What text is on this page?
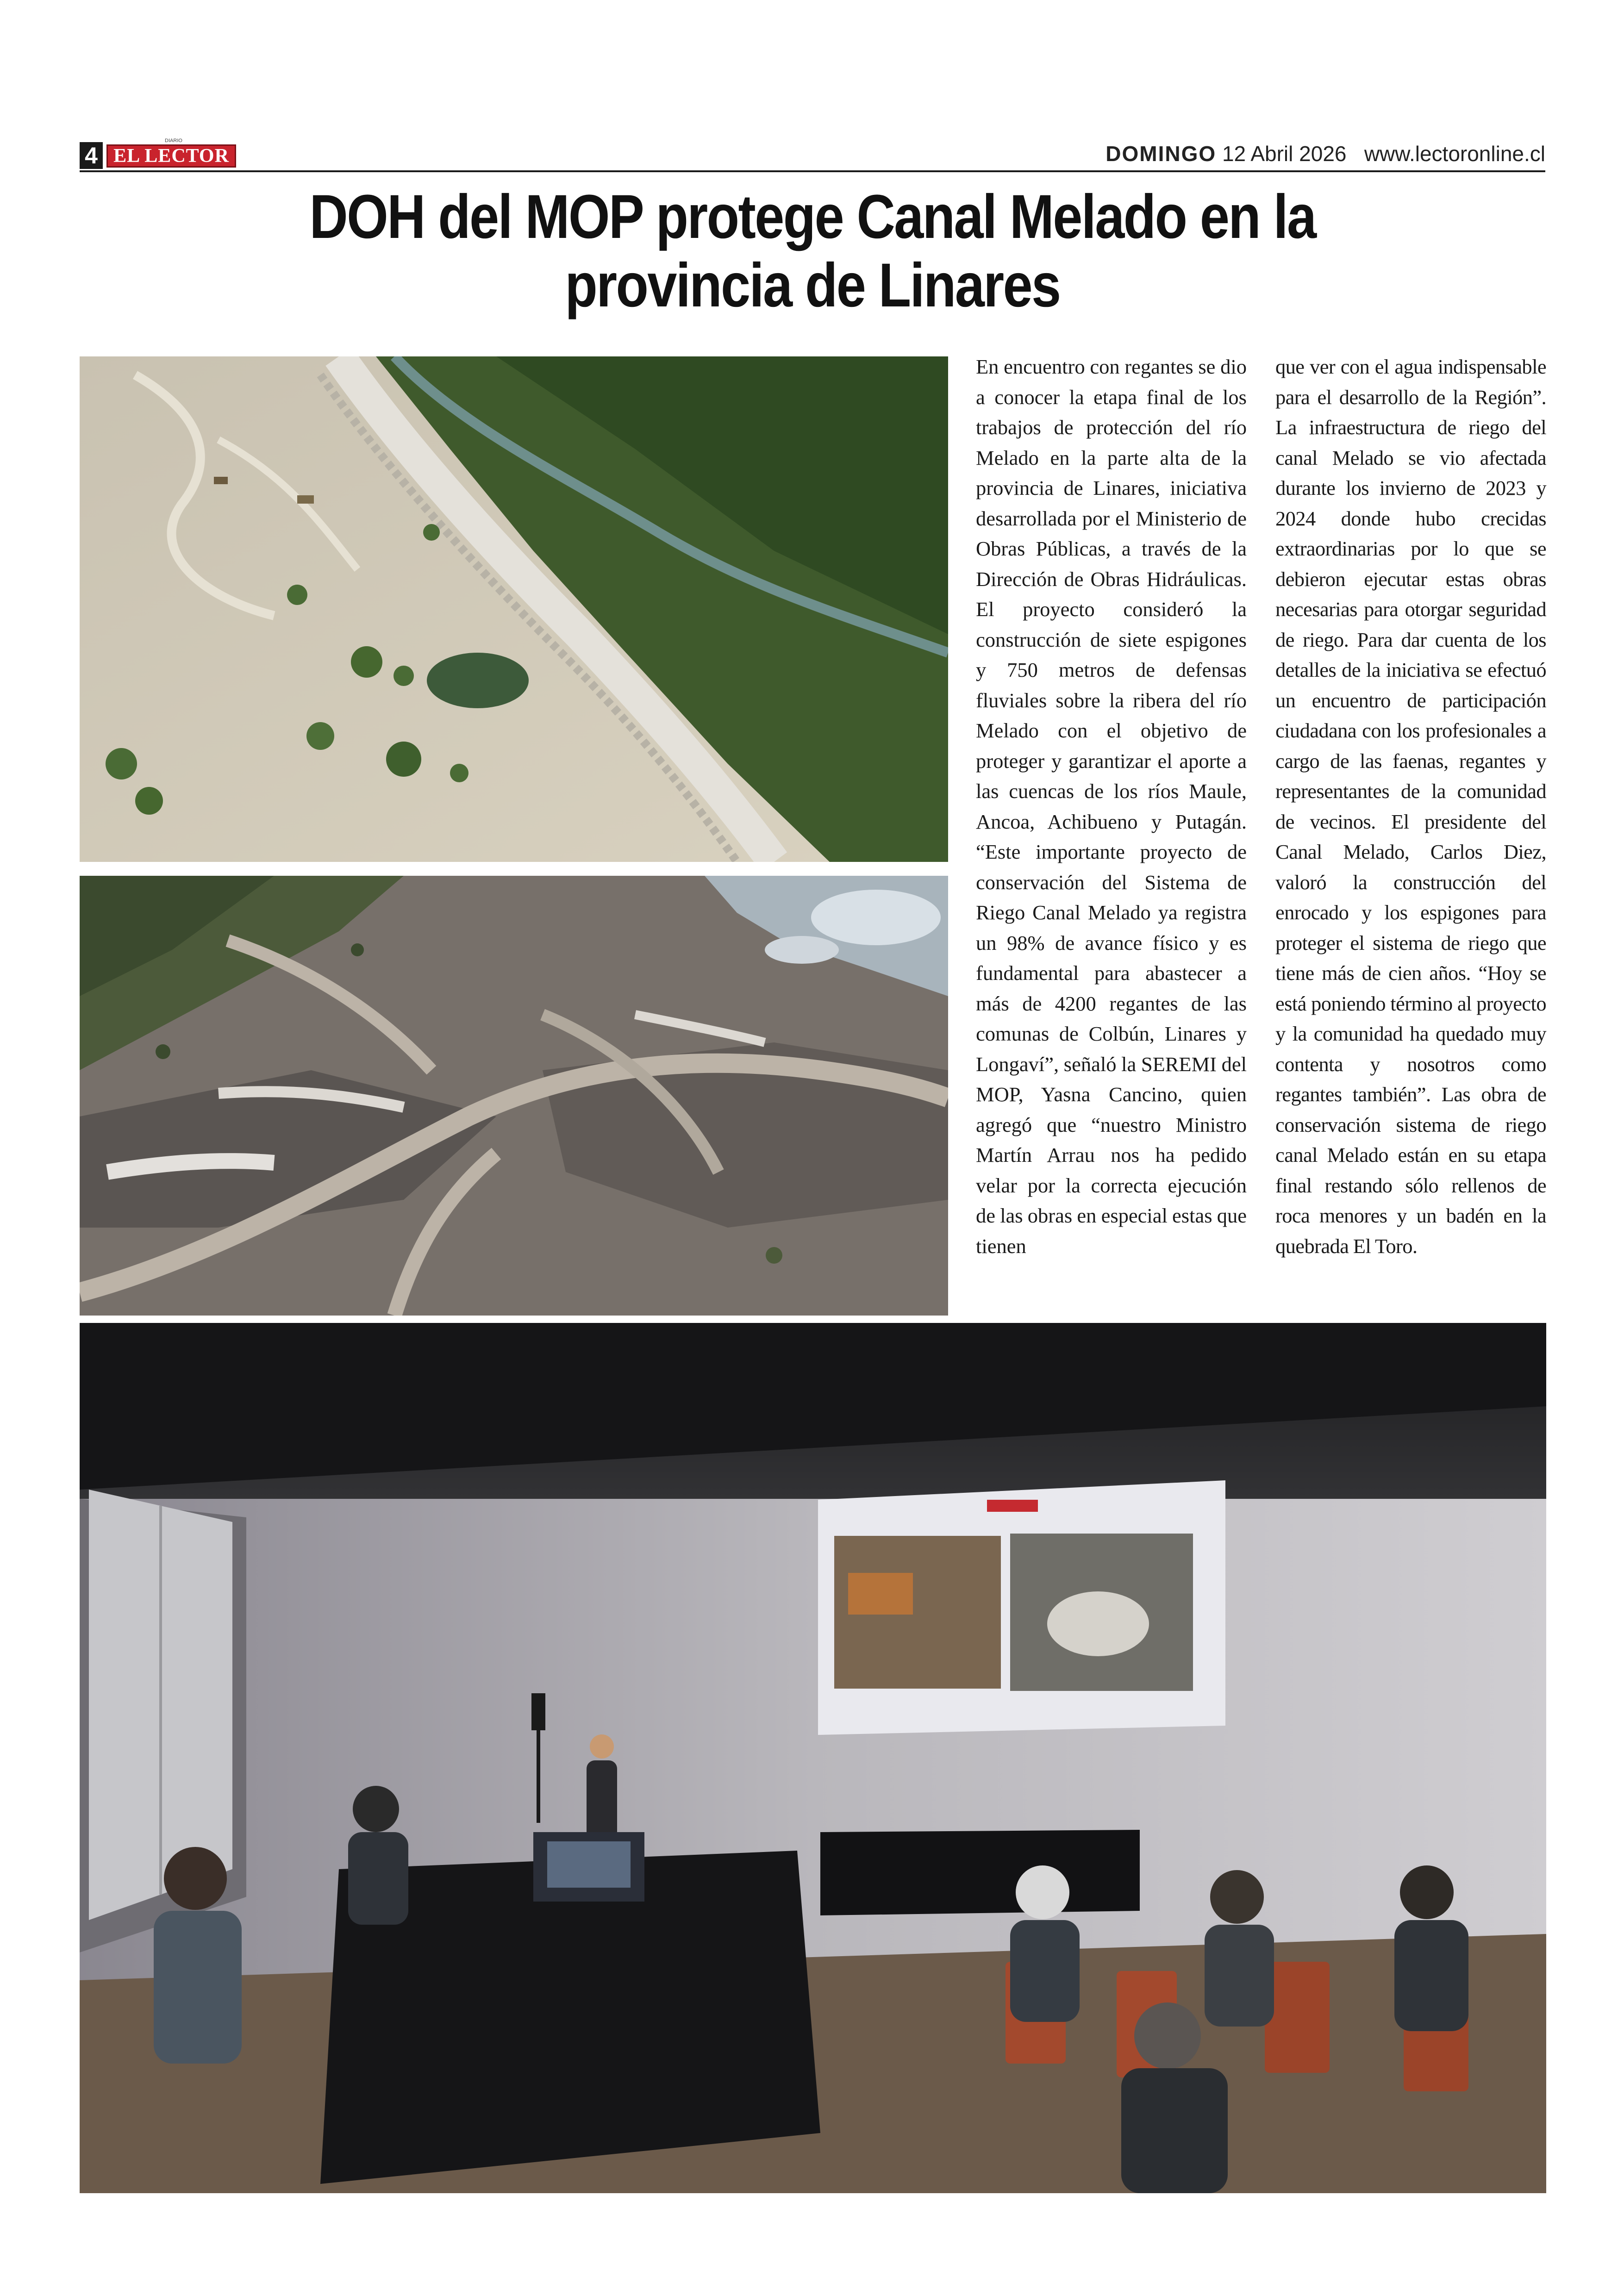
4
DIARIO
EL LECTOR	DOMINGO 12 Abril 2026 www.lectoronline.cl
DOH del MOP protege Canal Melado en la
provincia de Linares

En encuentro con regantes se dio a conocer la etapa final de los trabajos de protección del río Melado en la parte alta de la provincia de Linares, iniciativa desarrollada por el Ministerio de Obras Públicas, a través de la Dirección de Obras Hidráulicas. El proyecto consideró la construcción de siete espigones y 750 metros de defensas fluviales sobre la ribera del río Melado con el objetivo de proteger y garantizar el aporte a las cuencas de los ríos Maule, Ancoa, Achibueno y Putagán. “Este importante proyecto de conservación del Sistema de Riego Canal Melado ya registra un 98% de avance físico y es fundamental para abastecer a más de 4200 regantes de las comunas de Colbún, Linares y Longaví”, señaló la SEREMI del MOP, Yasna Cancino, quien agregó que “nuestro Ministro Martín Arrau nos ha pedido velar por la correcta ejecución de las obras en especial estas que tienen

que ver con el agua indispensable para el desarrollo de la Región”. La infraestructura de riego del canal Melado se vio afectada durante los invierno de 2023 y 2024 donde hubo crecidas extraordinarias por lo que se debieron ejecutar estas obras necesarias para otorgar seguridad de riego. Para dar cuenta de los detalles de la iniciativa se efectuó un encuentro de participación ciudadana con los profesionales a cargo de las faenas, regantes y representantes de la comunidad de vecinos. El presidente del Canal Melado, Carlos Diez, valoró la construcción del enrocado y los espigones para proteger el sistema de riego que tiene más de cien años. “Hoy se está poniendo término al proyecto y la comunidad ha quedado muy contenta y nosotros como regantes también”. Las obra de conservación sistema de riego canal Melado están en su etapa final restando sólo rellenos de roca menores y un badén en la quebrada El Toro.
